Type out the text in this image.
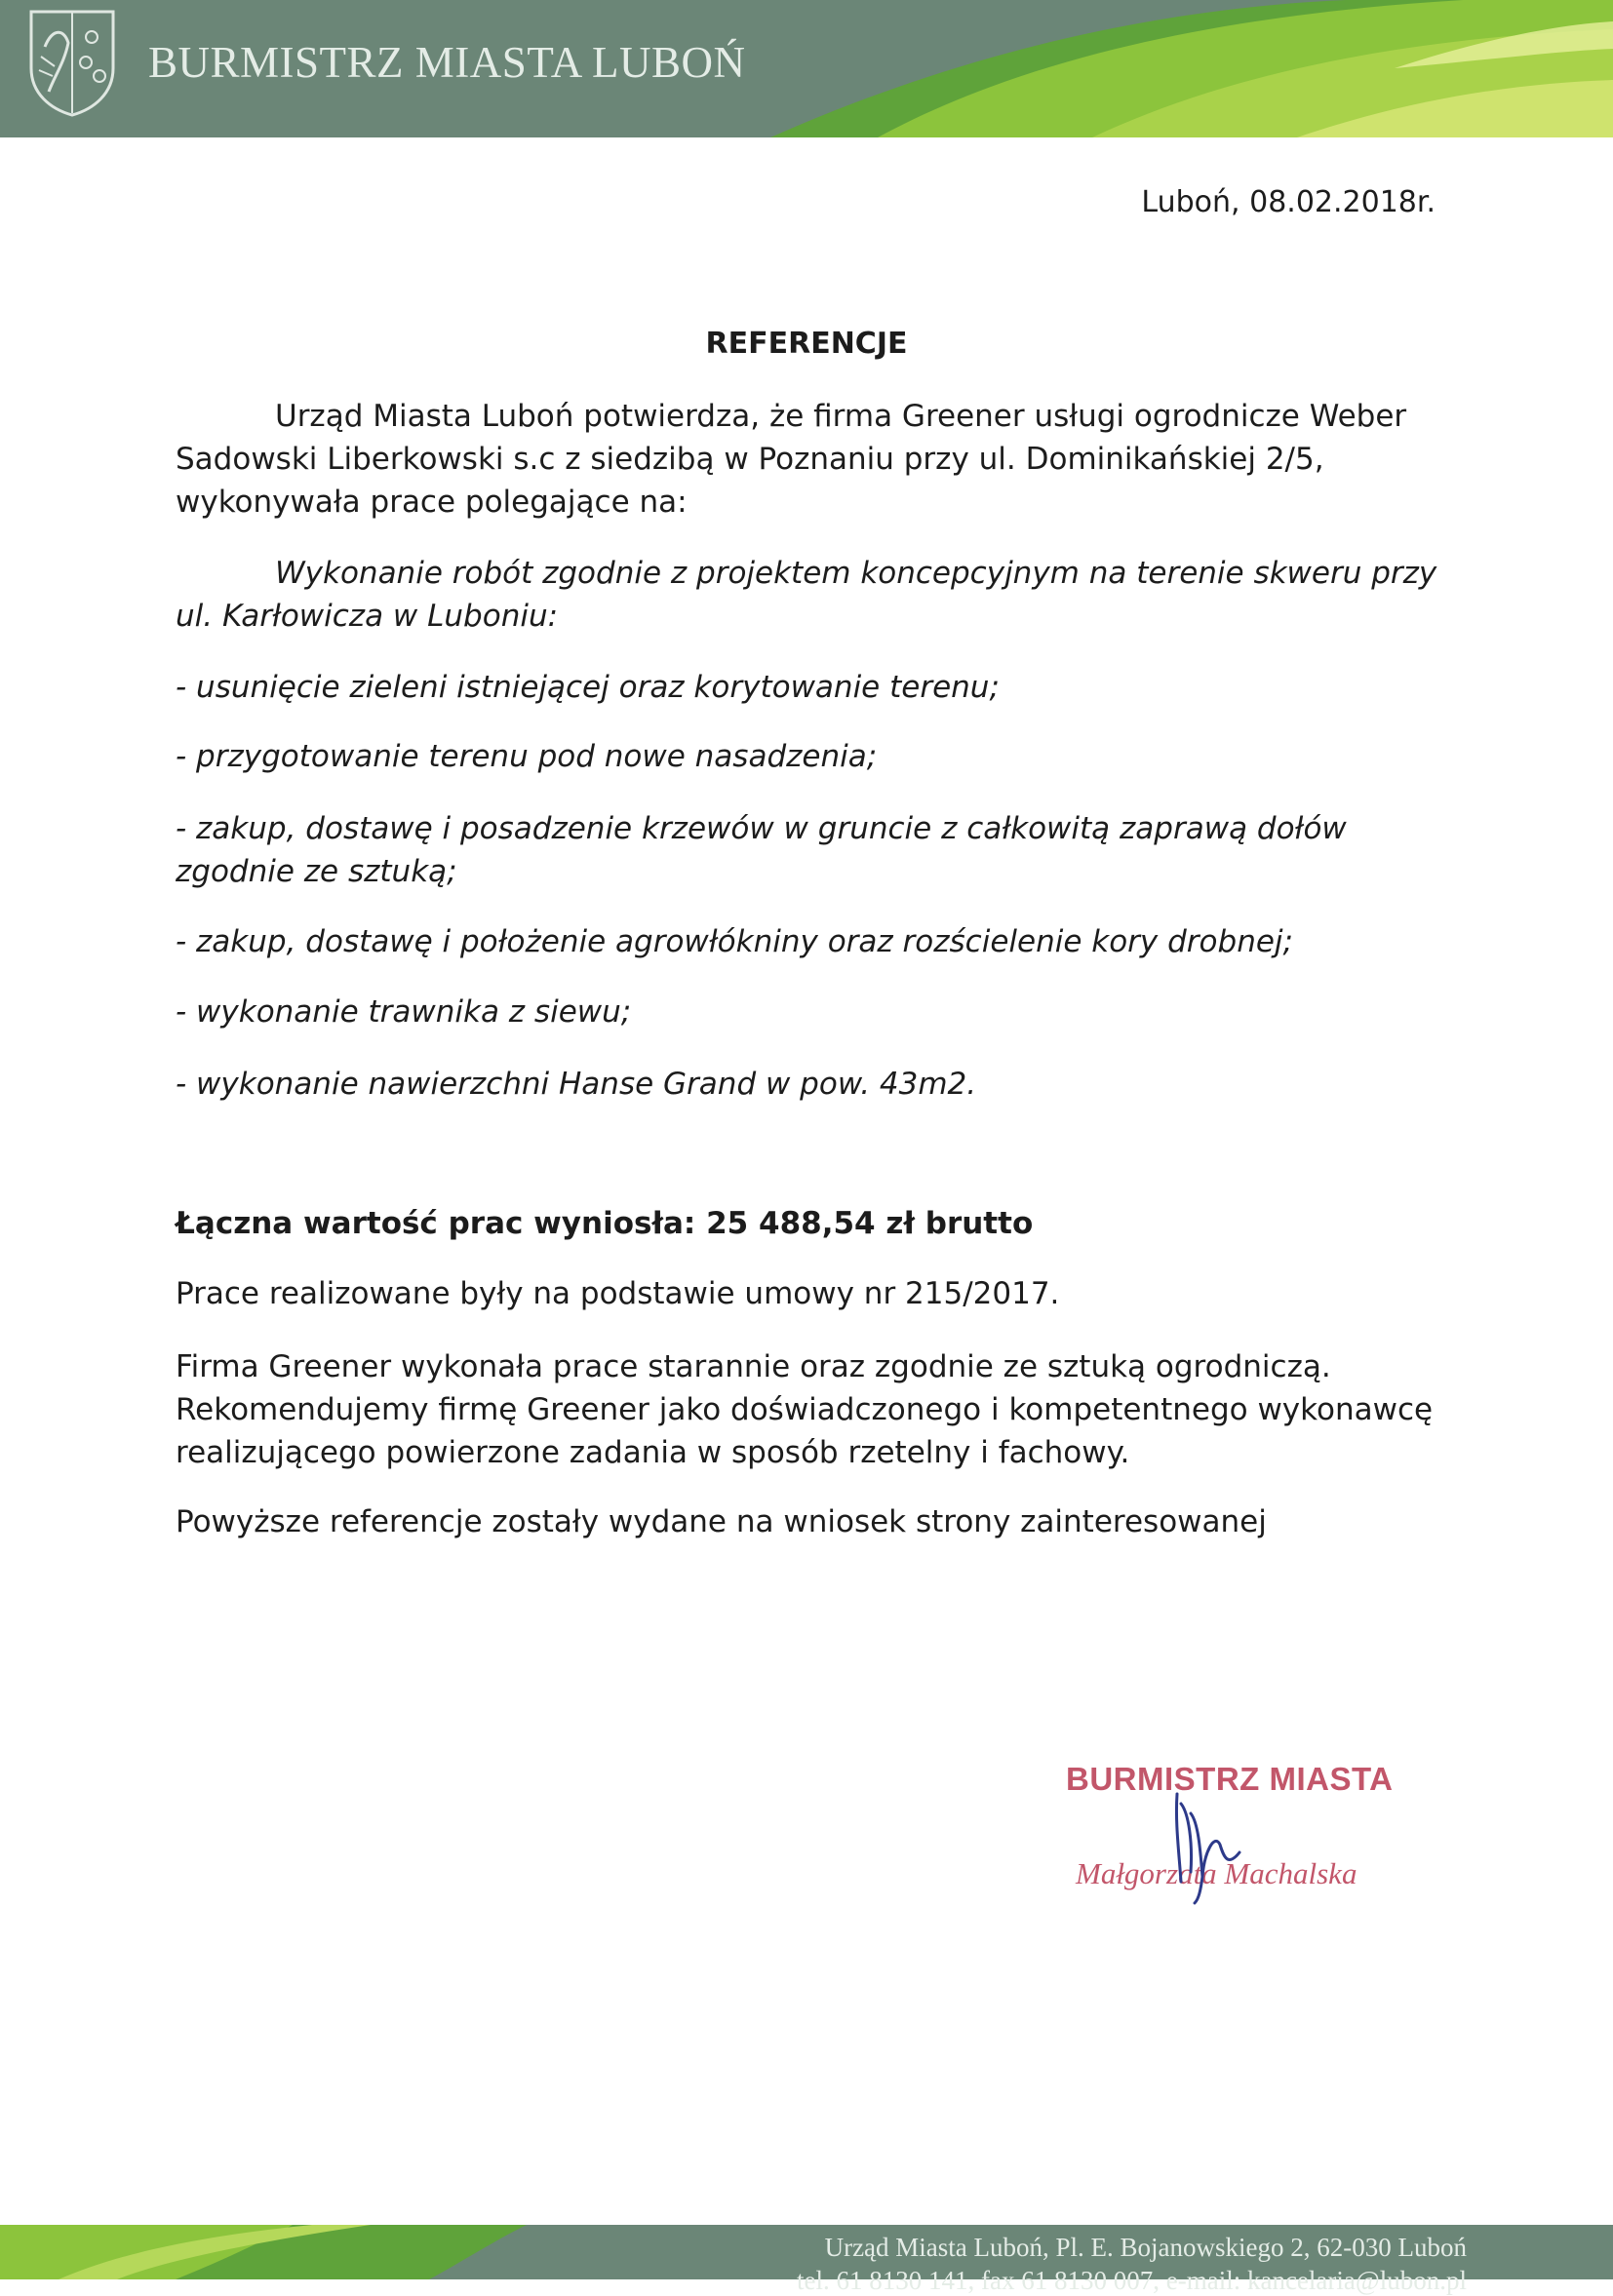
BURMISTRZ MIASTA LUBOŃ
Luboń, 08.02.2018r.
REFERENCJE

Urząd Miasta Luboń potwierdza, że firma Greener usługi ogrodnicze Weber Sadowski Liberkowski s.c z siedzibą w Poznaniu przy ul. Dominikańskiej 2/5, wykonywała prace polegające na:

Wykonanie robót zgodnie z projektem koncepcyjnym na terenie skweru przy ul. Karłowicza w Luboniu:

- usunięcie zieleni istniejącej oraz korytowanie terenu;

- przygotowanie terenu pod nowe nasadzenia;

- zakup, dostawę i posadzenie krzewów w gruncie z całkowitą zaprawą dołów zgodnie ze sztuką;

- zakup, dostawę i położenie agrowłókniny oraz rozścielenie kory drobnej;

- wykonanie trawnika z siewu;

- wykonanie nawierzchni Hanse Grand w pow. 43m2.

Łączna wartość prac wyniosła: 25 488,54 zł brutto

Prace realizowane były na podstawie umowy nr 215/2017.

Firma Greener wykonała prace starannie oraz zgodnie ze sztuką ogrodniczą. Rekomendujemy firmę Greener jako doświadczonego i kompetentnego wykonawcę realizującego powierzone zadania w sposób rzetelny i fachowy.

Powyższe referencje zostały wydane na wniosek strony zainteresowanej

BURMISTRZ MIASTA
Małgorzata Machalska
Urząd Miasta Luboń, Pl. E. Bojanowskiego 2, 62-030 Luboń
tel. 61 8130 141, fax 61 8130 007, e-mail: kancelaria@lubon.pl
